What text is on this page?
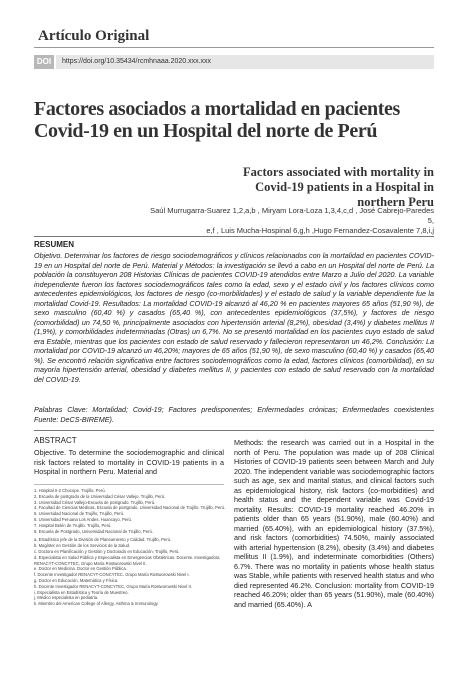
Artículo Original
DOI	https://doi.org/10.35434/rcmhnaaa.2020.xxx.xxx
Factores asociados a mortalidad en pacientes Covid-19 en un Hospital del norte de Perú
Factors associated with mortality in Covid-19 patients in a Hospital in northern Peru
Saúl Murrugarra-Suarez 1,2,a,b , Miryam Lora-Loza 1,3,4,c,d , José Cabrejo-Paredes 5,
e,f , Luis Mucha-Hospinal 6,g,h ,Hugo Fernandez-Cosavalente 7,8,i,j
RESUMEN
Objetivo. Determinar los factores de riesgo sociodemográficos y clínicos relacionados con la mortalidad en pacientes COVID-19 en un Hospital del norte de Perú. Material y Métodos: la investigación se llevó a cabo en un Hospital del norte de Perú. La población la constituyeron 208 Historias Clínicas de pacientes COVID-19 atendidos entre Marzo a Julio del 2020. La variable independiente fueron los factores sociodemográficos tales como la edad, sexo y el estado civil y los factores clínicos como antecedentes epidemiológicos, los factores de riesgo (co-morbilidades) y el estado de salud y la variable dependiente fue la mortalidad Covid-19. Resultados: La mortalidad COVID-19 alcanzó al 46,20 % en pacientes mayores 65 años (51,90 %), de sexo masculino (60,40 %) y casados (65,40 %), con antecedentes epidemiológicos (37,5%), y factores de riesgo (comorbilidad) un 74,50 %, principalmente asociados con hipertensión arterial (8,2%), obesidad (3,4%) y diabetes mellitus II (1,9%), y comorbilidades indeterminadas (Otras) un 6,7%. No se presentó mortalidad en los pacientes cuyo estado de salud era Estable, mientras que los pacientes con estado de salud reservado y fallecieron representaron un 46,2%. Conclusión: La mortalidad por COVID-19 alcanzó un 46,20%; mayores de 65 años (51,90 %), de sexo masculino (60,40 %) y casados (65,40 %). Se encontró relación significativa entre factores sociodemográficos como la edad, factores clínicos (comorbilidad), en su mayoría hipertensión arterial, obesidad y diabetes mellitus II, y pacientes con estado de salud reservado con la mortalidad del COVID-19.
Palabras Clave: Mortalidad; Covid-19; Factores predisponentes; Enfermedades crónicas; Enfermedades coexistentes Fuente: DeCS-BIREME).
ABSTRACT
Objective. To determine the sociodemographic and clinical risk factors related to mortality in COVID-19 patients in a Hospital in northern Peru. Material and
1. Hospital II-2 Chocope. Trujillo, Perú.
2. Escuela de postgrado de la Universidad César Vallejo. Trujillo, Perú.
3. Universidad César Vallejo-Escuela de postgrado. Trujillo, Perú.
4. Facultad de Ciencias Médicas, Escuela de postgrado, Universidad Nacional de Trujillo. Trujillo, Perú.
5. Universidad Nacional de Trujillo, Trujillo, Perú.
6. Universidad Peruana Los Andes. Huancayo, Perú.
7. Hospital Belén de Trujillo. Trujillo, Perú.
8. Escuela de Postgrado, Universidad Nacional de Trujillo, Perú.
a. Estadístico jefe de la División de Planeamiento y Calidad. Trujillo, Perú.
b. Magíster en Gestión de los Servicios de la Salud.
c. Doctora en Planificación y Gestión y Doctorado en Educación. Trujillo, Perú.
d. Especialista en Salud Pública y Especialista en Emergencias Obstétricas. Docente. Investigadora RENACYT-CONCYTEC, Grupo María Rostworowski Nivel II.
e. Doctor en Medicina. Doctor en Gestión Pública.
f. Docente Investigador RENACYT-CONCYTEC. Grupo María Rostworowski Nivel I.
g. Doctor en Educación, Matemática y Física.
h. Docente Investigador RENACYT-CONCYTEC, Grupo María Rostworowski Nivel II.
i. Especialista en Estadística y Teoría de Muestreo.
j. Médico especialista en pediatría.
k. Miembro del American College of Allergy, Asthma & Immunology.
Methods: the research was carried out in a Hospital in the north of Peru. The population was made up of 208 Clinical Histories of COVID-19 patients seen between March and July 2020. The independent variable was sociodemographic factors such as age, sex and marital status, and clinical factors such as epidemiological history, risk factors (co-morbidities) and health status and the dependent variable was Covid-19 mortality. Results: COVID-19 mortality reached 46.20% in patients older than 65 years (51.90%), male (60.40%) and married (65.40%), with an epidemiological history (37.5%), and risk factors (comorbidities) 74.50%, mainly associated with arterial hypertension (8.2%), obesity (3.4%) and diabetes mellitus II (1.9%), and indeterminate comorbidities (Others) 6.7%. There was no mortality in patients whose health status was Stable, while patients with reserved health status and who died represented 46.2%. Conclusion: mortality from COVID-19 reached 46.20%; older than 65 years (51.90%), male (60.40%) and married (65.40%). A
